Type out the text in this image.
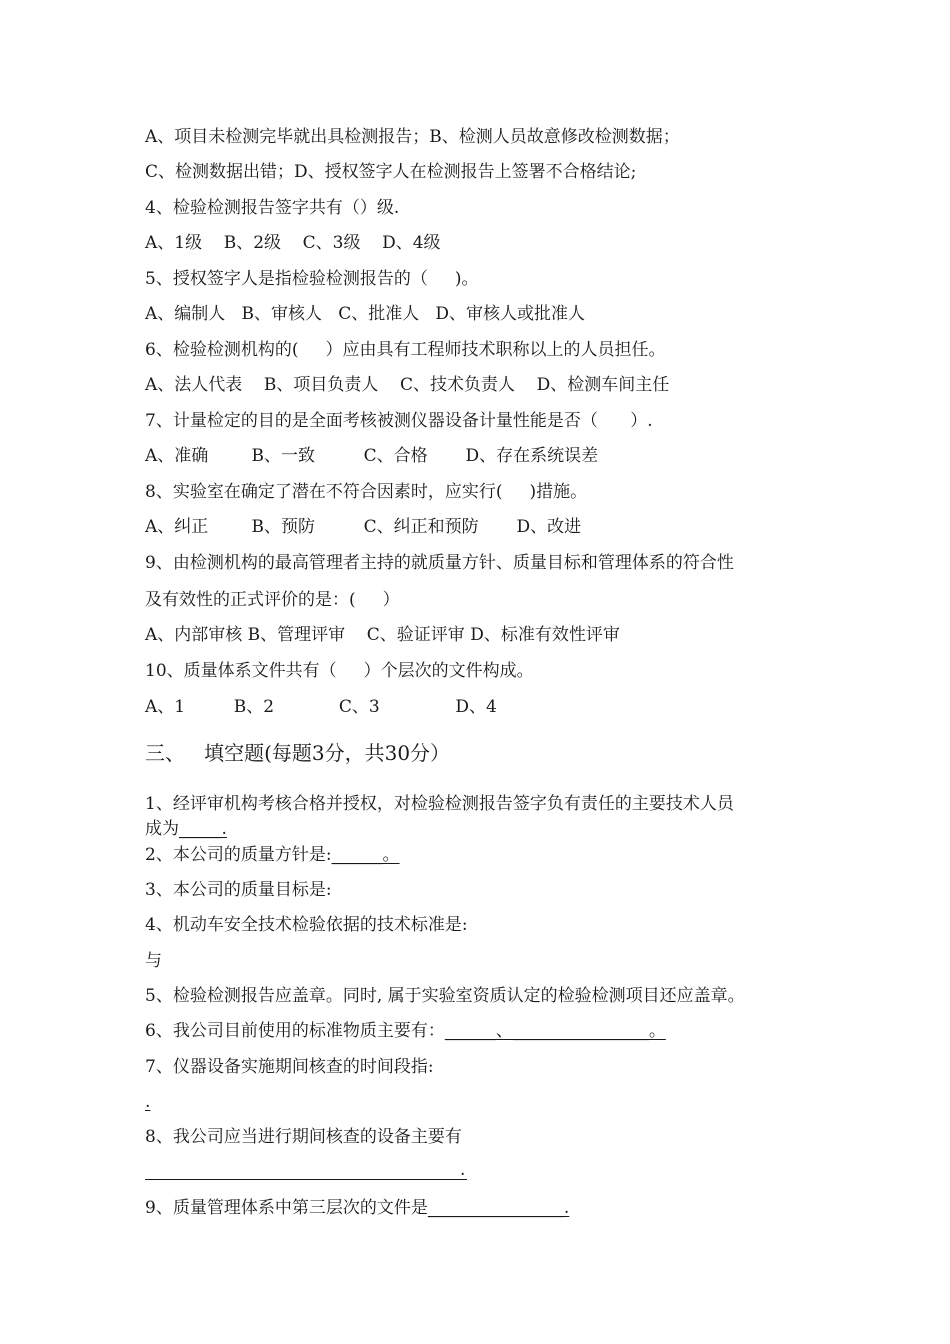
A、项目未检测完毕就出具检测报告；B、检测人员故意修改检测数据；
C、检测数据出错；D、授权签字人在检测报告上签署不合格结论;
4、检验检测报告签字共有（）级.
A、1级    B、2级    C、3级    D、4级
5、授权签字人是指检验检测报告的（     )。
A、编制人   B、审核人   C、批准人   D、审核人或批准人
6、检验检测机构的(     ）应由具有工程师技术职称以上的人员担任。
A、法人代表    B、项目负责人    C、技术负责人    D、检测车间主任
7、计量检定的目的是全面考核被测仪器设备计量性能是否（      ）.
A、准确        B、一致         C、合格       D、存在系统误差
8、实验室在确定了潜在不符合因素时，应实行(     )措施。
A、纠正        B、预防         C、纠正和预防       D、改进
9、由检测机构的最高管理者主持的就质量方针、质量目标和管理体系的符合性
及有效性的正式评价的是：(     ）
A、内部审核 B、管理评审    C、验证评审 D、标准有效性评审
10、质量体系文件共有（     ）个层次的文件构成。
A、1         B、2            C、3              D、4
三、   填空题(每题3分，共30分）
1、经评审机构考核合格并授权，对检验检测报告签字负有责任的主要技术人员
成为_____.
2、本公司的质量方针是:______。
3、本公司的质量目标是:
4、机动车安全技术检验依据的技术标准是:
与
5、检验检测报告应盖章。同时, 属于实验室资质认定的检验检测项目还应盖章。
6、我公司目前使用的标准物质主要有：______、________________。
7、仪器设备实施期间核查的时间段指:
.
8、我公司应当进行期间核查的设备主要有
.
9、质量管理体系中第三层次的文件是________________.
